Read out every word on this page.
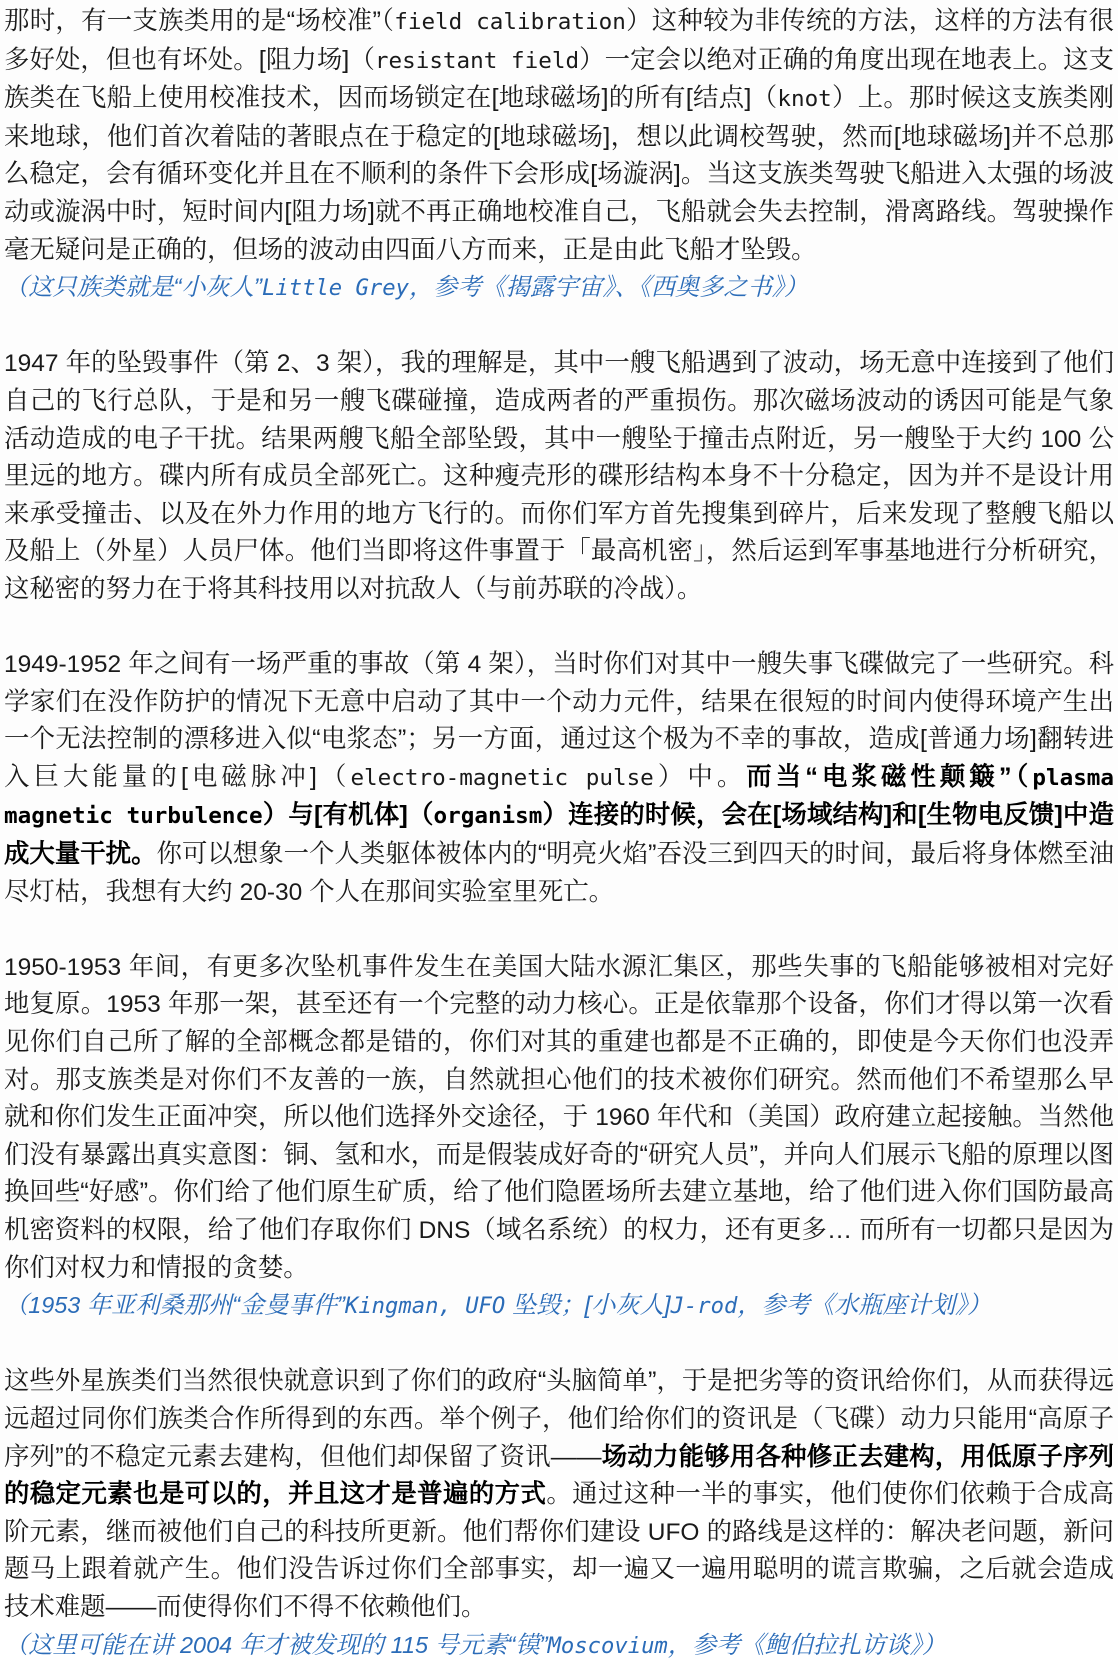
那时，有一支族类用的是“场校准”（field calibration）这种较为非传统的方法，这样的方法有很多好处，但也有坏处。[阻力场]（resistant field）一定会以绝对正确的角度出现在地表上。这支族类在飞船上使用校准技术，因而场锁定在[地球磁场]的所有[结点]（knot）上。那时候这支族类刚来地球，他们首次着陆的著眼点在于稳定的[地球磁场]，想以此调校驾驶，然而[地球磁场]并不总那么稳定，会有循环变化并且在不顺利的条件下会形成[场漩涡]。当这支族类驾驶飞船进入太强的场波动或漩涡中时，短时间内[阻力场]就不再正确地校准自己，飞船就会失去控制，滑离路线。驾驶操作毫无疑问是正确的，但场的波动由四面八方而来，正是由此飞船才坠毁。

（这只族类就是“小灰人”Little Grey，参考《揭露宇宙》、《西奥多之书》）

1947 年的坠毁事件（第 2、3 架），我的理解是，其中一艘飞船遇到了波动，场无意中连接到了他们自己的飞行总队，于是和另一艘飞碟碰撞，造成两者的严重损伤。那次磁场波动的诱因可能是气象活动造成的电子干扰。结果两艘飞船全部坠毁，其中一艘坠于撞击点附近，另一艘坠于大约 100 公里远的地方。碟内所有成员全部死亡。这种瘦壳形的碟形结构本身不十分稳定，因为并不是设计用来承受撞击、以及在外力作用的地方飞行的。而你们军方首先搜集到碎片，后来发现了整艘飞船以及船上（外星）人员尸体。他们当即将这件事置于「最高机密」，然后运到军事基地进行分析研究，这秘密的努力在于将其科技用以对抗敌人（与前苏联的冷战）。

1949-1952 年之间有一场严重的事故（第 4 架），当时你们对其中一艘失事飞碟做完了一些研究。科学家们在没作防护的情况下无意中启动了其中一个动力元件，结果在很短的时间内使得环境产生出一个无法控制的漂移进入似“电浆态”；另一方面，通过这个极为不幸的事故，造成[普通力场]翻转进入巨大能量的[电磁脉冲]（electro-magnetic pulse）中。而当“电浆磁性颠簸”（plasma magnetic turbulence）与[有机体]（organism）连接的时候，会在[场域结构]和[生物电反馈]中造成大量干扰。你可以想象一个人类躯体被体内的“明亮火焰”吞没三到四天的时间，最后将身体燃至油尽灯枯，我想有大约 20-30 个人在那间实验室里死亡。

1950-1953 年间，有更多次坠机事件发生在美国大陆水源汇集区，那些失事的飞船能够被相对完好地复原。1953 年那一架，甚至还有一个完整的动力核心。正是依靠那个设备，你们才得以第一次看见你们自己所了解的全部概念都是错的，你们对其的重建也都是不正确的，即使是今天你们也没弄对。那支族类是对你们不友善的一族，自然就担心他们的技术被你们研究。然而他们不希望那么早就和你们发生正面冲突，所以他们选择外交途径，于 1960 年代和（美国）政府建立起接触。当然他们没有暴露出真实意图：铜、氢和水，而是假装成好奇的“研究人员”，并向人们展示飞船的原理以图换回些“好感”。你们给了他们原生矿质，给了他们隐匿场所去建立基地，给了他们进入你们国防最高机密资料的权限，给了他们存取你们 DNS（域名系统）的权力，还有更多… 而所有一切都只是因为你们对权力和情报的贪婪。

（1953 年亚利桑那州“金曼事件”Kingman, UFO 坠毁；[小灰人]J-rod，参考《水瓶座计划》）

这些外星族类们当然很快就意识到了你们的政府“头脑简单”，于是把劣等的资讯给你们，从而获得远远超过同你们族类合作所得到的东西。举个例子，他们给你们的资讯是（飞碟）动力只能用“高原子序列”的不稳定元素去建构，但他们却保留了资讯——场动力能够用各种修正去建构，用低原子序列的稳定元素也是可以的，并且这才是普遍的方式。通过这种一半的事实，他们使你们依赖于合成高阶元素，继而被他们自己的科技所更新。他们帮你们建设 UFO 的路线是这样的：解决老问题，新问题马上跟着就产生。他们没告诉过你们全部事实，却一遍又一遍用聪明的谎言欺骗，之后就会造成技术难题——而使得你们不得不依赖他们。

（这里可能在讲 2004 年才被发现的 115 号元素“镆”Moscovium，参考《鲍伯拉扎访谈》）
